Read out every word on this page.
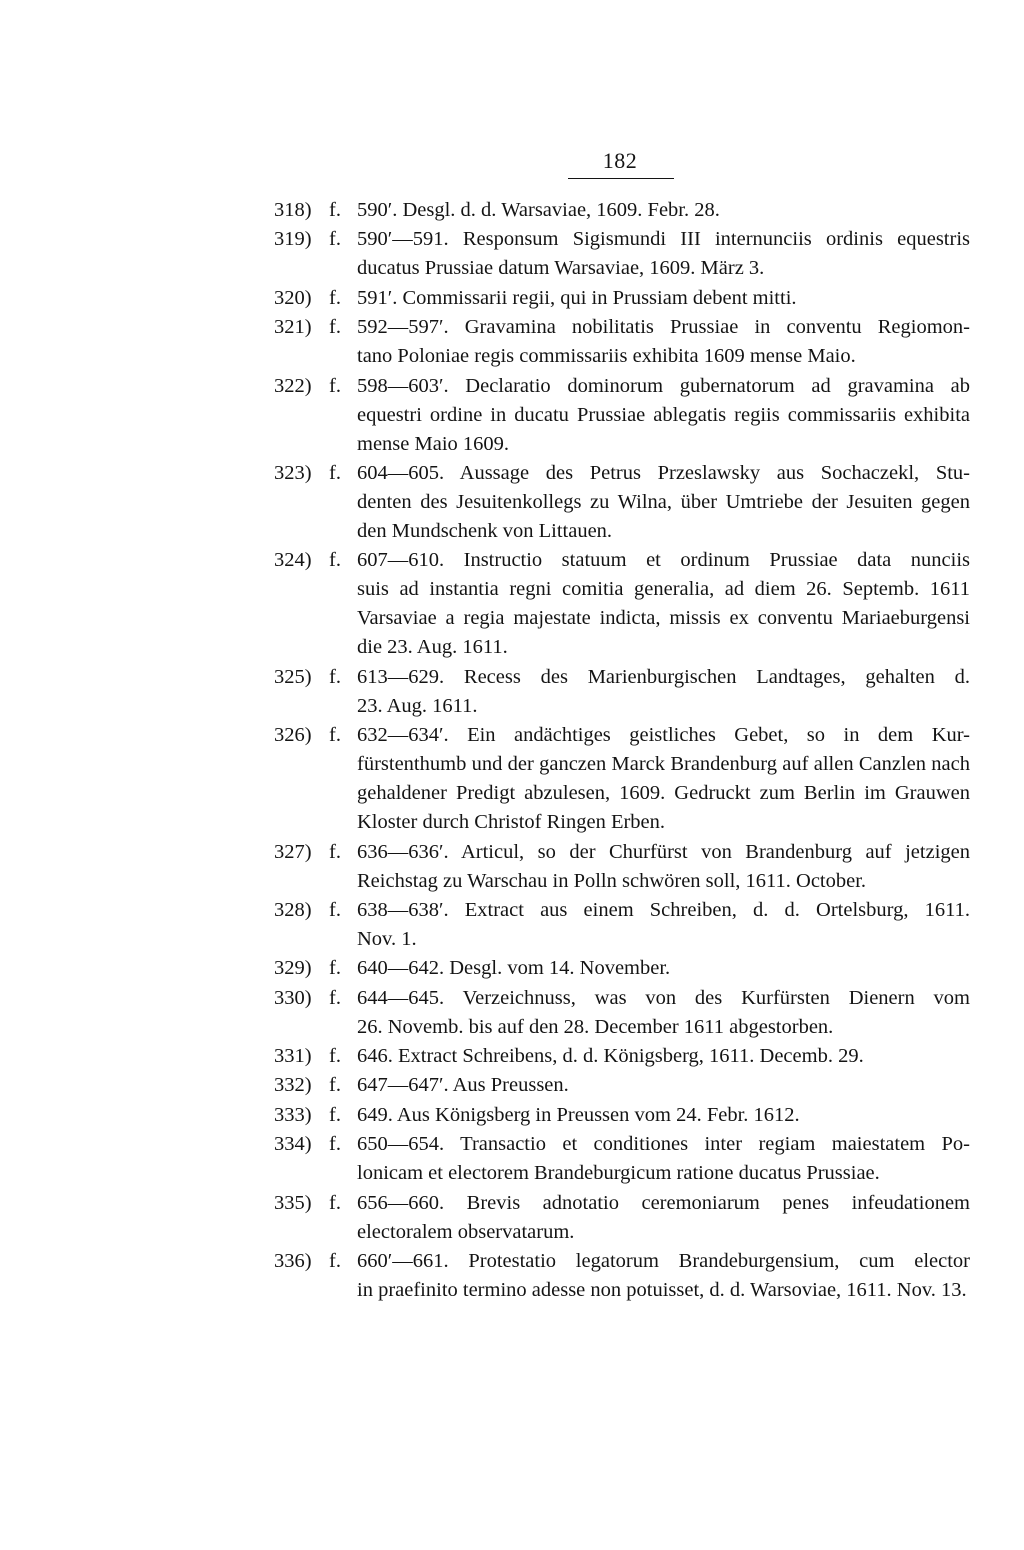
182
318) f. 590′. Desgl. d. d. Warsaviae, 1609. Febr. 28.
319) f. 590′—591. Responsum Sigismundi III internunciis ordinis equestris
ducatus Prussiae datum Warsaviae, 1609. März 3.
320) f. 591′. Commissarii regii, qui in Prussiam debent mitti.
321) f. 592—597′. Gravamina nobilitatis Prussiae in conventu Regiomon-
tano Poloniae regis commissariis exhibita 1609 mense Maio.
322) f. 598—603′. Declaratio dominorum gubernatorum ad gravamina ab
equestri ordine in ducatu Prussiae ablegatis regiis commissariis exhibita mense Maio 1609.
323) f. 604—605. Aussage des Petrus Przeslawsky aus Sochaczekl, Stu-
denten des Jesuitenkollegs zu Wilna, über Umtriebe der Jesuiten gegen den Mundschenk von Littauen.
324) f. 607—610. Instructio statuum et ordinum Prussiae data nunciis
suis ad instantia regni comitia generalia, ad diem 26. Septemb. 1611 Varsaviae a regia majestate indicta, missis ex conventu Mariaeburgensi die 23. Aug. 1611.
325) f. 613—629. Recess des Marienburgischen Landtages, gehalten d.
23. Aug. 1611.
326) f. 632—634′. Ein andächtiges geistliches Gebet, so in dem Kur-
fürstenthumb und der ganczen Marck Brandenburg auf allen Canzlen nach gehaldener Predigt abzulesen, 1609. Gedruckt zum Berlin im Grauwen Kloster durch Christof Ringen Erben.
327) f. 636—636′. Articul, so der Churfürst von Brandenburg auf jetzigen
Reichstag zu Warschau in Polln schwören soll, 1611. October.
328) f. 638—638′. Extract aus einem Schreiben, d. d. Ortelsburg, 1611.
Nov. 1.
329) f. 640—642. Desgl. vom 14. November.
330) f. 644—645. Verzeichnuss, was von des Kurfürsten Dienern vom
26. Novemb. bis auf den 28. December 1611 abgestorben.
331) f. 646. Extract Schreibens, d. d. Königsberg, 1611. Decemb. 29.
332) f. 647—647′. Aus Preussen.
333) f. 649. Aus Königsberg in Preussen vom 24. Febr. 1612.
334) f. 650—654. Transactio et conditiones inter regiam maiestatem Po-
lonicam et electorem Brandeburgicum ratione ducatus Prussiae.
335) f. 656—660. Brevis adnotatio ceremoniarum penes infeudationem
electoralem observatarum.
336) f. 660′—661. Protestatio legatorum Brandeburgensium, cum elector
in praefinito termino adesse non potuisset, d. d. Warsoviae, 1611. Nov. 13.
